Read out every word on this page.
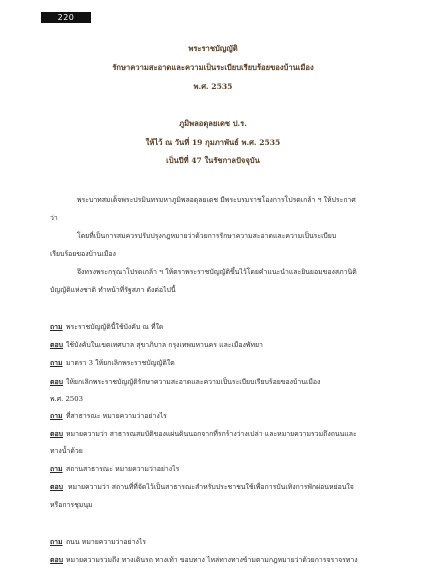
220
พระราชบัญญัติ
รักษาความสะอาดและความเป็นระเบียบเรียบร้อยของบ้านเมือง
พ.ศ. 2535
ภูมิพลอดุลยเดช ป.ร.
ให้ไว้ ณ วันที่ 19 กุมภาพันธ์ พ.ศ. 2535
เป็นปีที่ 47 ในรัชกาลปัจจุบัน
พระบาทสมเด็จพระปรมินทรมหาภูมิพลอดุลยเดช มีพระบรมราชโองการโปรดเกล้า ฯ ให้ประกาศ
ว่า
โดยที่เป็นการสมควรปรับปรุงกฎหมายว่าด้วยการรักษาความสะอาดและความเป็นระเบียบ
เรียบร้อยของบ้านเมือง
จึงทรงพระกรุณาโปรดเกล้า ฯ ให้ตราพระราชบัญญัติขึ้นไว้โดยคำแนะนำและยินยอมของสภานิติ
บัญญัติแห่งชาติ ทำหน้าที่รัฐสภา ดังต่อไปนี้
ถาม พระราชบัญญัตินี้ใช้บังคับ ณ ที่ใด
ตอบ ใช้บังคับในเขตเทศบาล สุขาภิบาล กรุงเทพมหานคร และเมืองพัทยา
ถาม มาตรา 3 ให้ยกเลิกพระราชบัญญัติใด
ตอบ ให้ยกเลิกพระราชบัญญัติรักษาความสะอาดและความเป็นระเบียบเรียบร้อยของบ้านเมือง
พ.ศ. 2503
ถาม ที่สาธารณะ หมายความว่าอย่างไร
ตอบ หมายความว่า สาธารณสมบัติของแผ่นดินนอกจากที่รกร้างว่างเปล่า และหมายความรวมถึงถนนและ
ทางน้ำด้วย
ถาม สถานสาธารณะ หมายความว่าอย่างไร
ตอบ หมายความว่า สถานที่ที่จัดไว้เป็นสาธารณะสำหรับประชาชนใช้เพื่อการบันเทิงการพักผ่อนหย่อนใจ
หรือการชุมนุม
ถาม ถนน หมายความว่าอย่างไร
ตอบ หมายความรวมถึง ทางเดินรถ ทางเท้า ขอบทาง ไหล่ทางทางข้ามตามกฎหมายว่าด้วยการจราจรทาง
